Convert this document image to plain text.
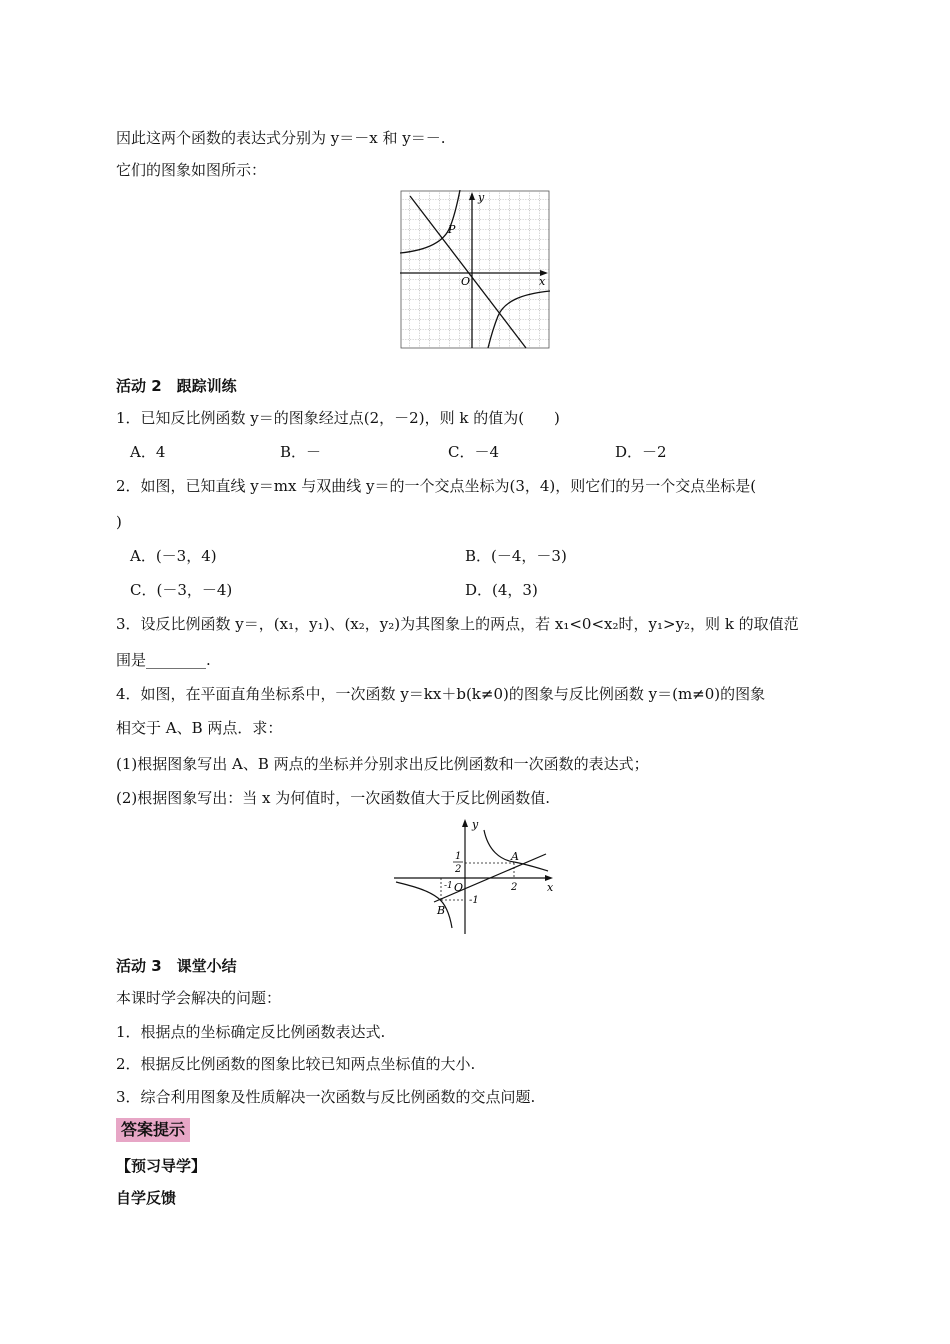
因此这两个函数的表达式分别为 y＝－x 和 y＝－.
它们的图象如图所示：
y
x
O
P
活动 2　跟踪训练
1．已知反比例函数 y＝的图象经过点(2，－2)，则 k 的值为(　　)
A．4	B．－	C．－4	D．－2
2．如图，已知直线 y＝mx 与双曲线 y＝的一个交点坐标为(3，4)，则它们的另一个交点坐标是(
)
A．(－3，4)	B．(－4，－3)
C．(－3，－4)	D．(4，3)
3．设反比例函数 y＝，(x₁，y₁)、(x₂，y₂)为其图象上的两点，若 x₁<0<x₂时，y₁>y₂，则 k 的取值范
围是________.
4．如图，在平面直角坐标系中，一次函数 y＝kx＋b(k≠0)的图象与反比例函数 y＝(m≠0)的图象
相交于 A、B 两点．求：
(1)根据图象写出 A、B 两点的坐标并分别求出反比例函数和一次函数的表达式；
(2)根据图象写出：当 x 为何值时，一次函数值大于反比例函数值.
y
x
O
A
B
1
2
2
-1
-1
活动 3　课堂小结
本课时学会解决的问题：
1．根据点的坐标确定反比例函数表达式.
2．根据反比例函数的图象比较已知两点坐标值的大小.
3．综合利用图象及性质解决一次函数与反比例函数的交点问题.
答案提示
【预习导学】
自学反馈
